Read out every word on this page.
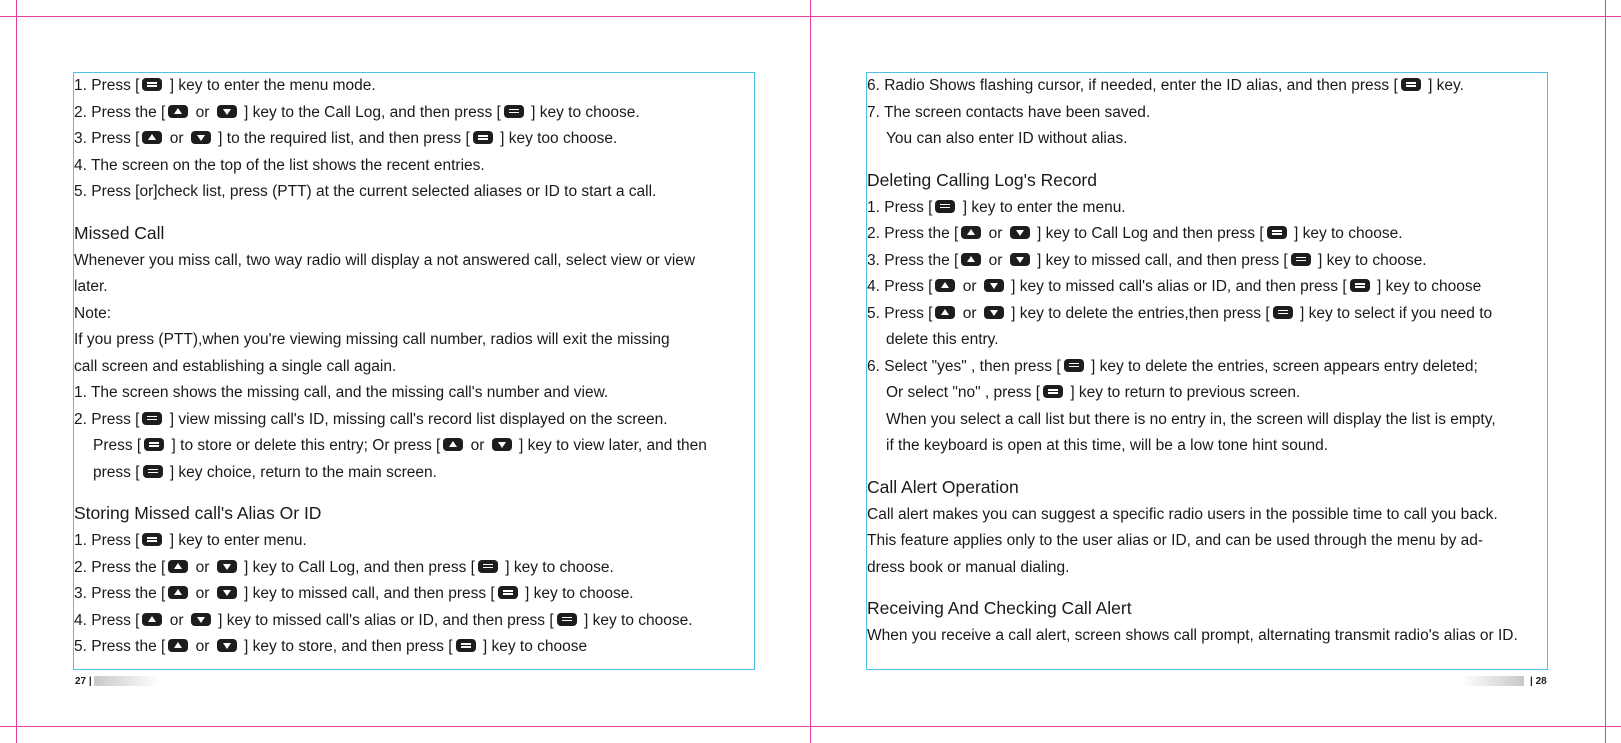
1. Press [ ] key to enter the menu mode.
2. Press the [ or  ] key to the Call Log, and then press [ ] key to choose.
3. Press [ or  ] to the required list, and then press [ ] key too choose.
4. The screen on the top of the list shows the recent entries.
5. Press [or]check list, press (PTT) at the current selected aliases or ID to start a call.
Missed Call
Whenever you miss call, two way radio will display a not answered call, select view or view
later.
Note:
If you press (PTT),when you're viewing missing call number, radios will exit the missing
call screen and establishing a single call again.
1. The screen shows the missing call, and the missing call's number and view.
2. Press [ ] view missing call's ID, missing call's record list displayed on the screen.
Press [ ] to store or delete this entry; Or press [ or  ] key to view later, and then
press [ ] key choice, return to the main screen.
Storing Missed call's Alias Or ID
1. Press [ ] key to enter menu.
2. Press the [ or  ] key to Call Log, and then press [ ] key to choose.
3. Press the [ or  ] key to missed call, and then press [ ] key to choose.
4. Press [ or  ] key to missed call's alias or ID, and then press [ ] key to choose.
5. Press the [ or  ] key to store, and then press [ ] key to choose
6. Radio Shows flashing cursor, if needed, enter the ID alias, and then press [ ] key.
7. The screen contacts have been saved.
You can also enter ID without alias.
Deleting Calling Log's Record
1. Press [ ] key to enter the menu.
2. Press the [ or  ] key to Call Log and then press [ ] key to choose.
3. Press the [ or  ] key to missed call, and then press [ ] key to choose.
4. Press [ or  ] key to missed call's alias or ID, and then press [ ] key to choose
5. Press [ or  ] key to delete the entries,then press [ ] key to select if you need to
delete this entry.
6. Select "yes" , then press [ ] key to delete the entries, screen appears entry deleted;
Or select "no" , press [ ] key to return to previous screen.
When you select a call list but there is no entry in, the screen will display the list is empty,
if the keyboard is open at this time, will be a low tone hint sound.
Call Alert Operation
Call alert makes you can suggest a specific radio users in the possible time to call you back.
This feature applies only to the user alias or ID, and can be used through the menu by ad-
dress book or manual dialing.
Receiving And Checking Call Alert
When you receive a call alert, screen shows call prompt, alternating transmit radio's alias or ID.
27 |	| 28
